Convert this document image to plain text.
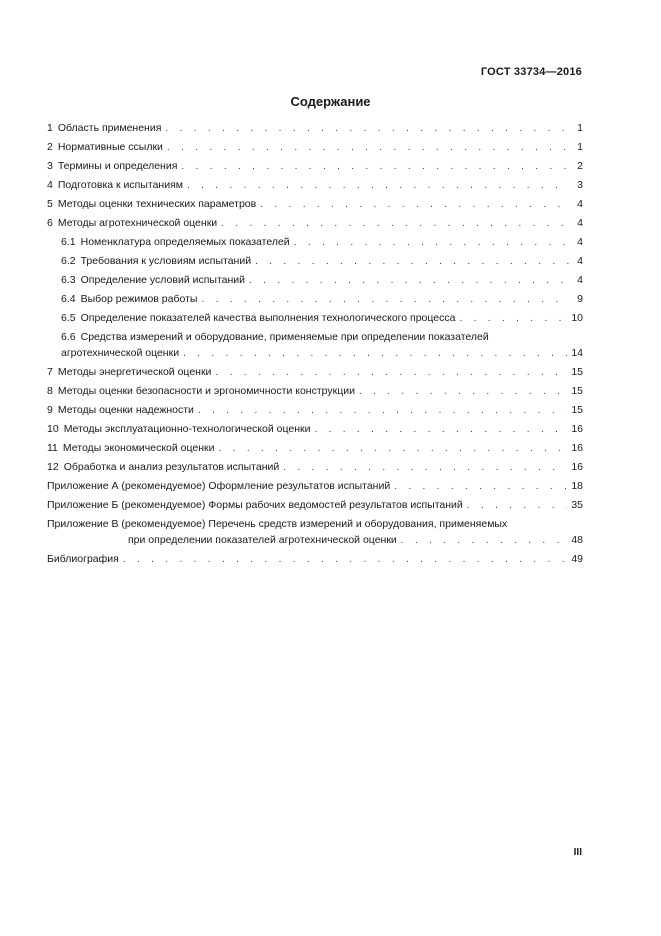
ГОСТ 33734—2016
Содержание
1 Область применения . . .	1
2 Нормативные ссылки . . .	1
3 Термины и определения . . .	2
4 Подготовка к испытаниям . . .	3
5 Методы оценки технических параметров . . .	4
6 Методы агротехнической оценки . . .	4
6.1 Номенклатура определяемых показателей . . .	4
6.2 Требования к условиям испытаний . . .	4
6.3 Определение условий испытаний . . .	4
6.4 Выбор режимов работы . . .	9
6.5 Определение показателей качества выполнения технологического процесса . . .	10
6.6 Средства измерений и оборудование, применяемые при определении показателей
агротехнической оценки . . .	14
7 Методы энергетической оценки . . .	15
8 Методы оценки безопасности и эргономичности конструкции . . .	15
9 Методы оценки надежности . . .	15
10 Методы эксплуатационно-технологической оценки . . .	16
11 Методы экономической оценки . . .	16
12 Обработка и анализ результатов испытаний . . .	16
Приложение А (рекомендуемое) Оформление результатов испытаний . . .	18
Приложение Б (рекомендуемое) Формы рабочих ведомостей результатов испытаний . . .	35
Приложение В (рекомендуемое) Перечень средств измерений и оборудования, применяемых
при определении показателей агротехнической оценки . . .	48
Библиография . . .	49
III
